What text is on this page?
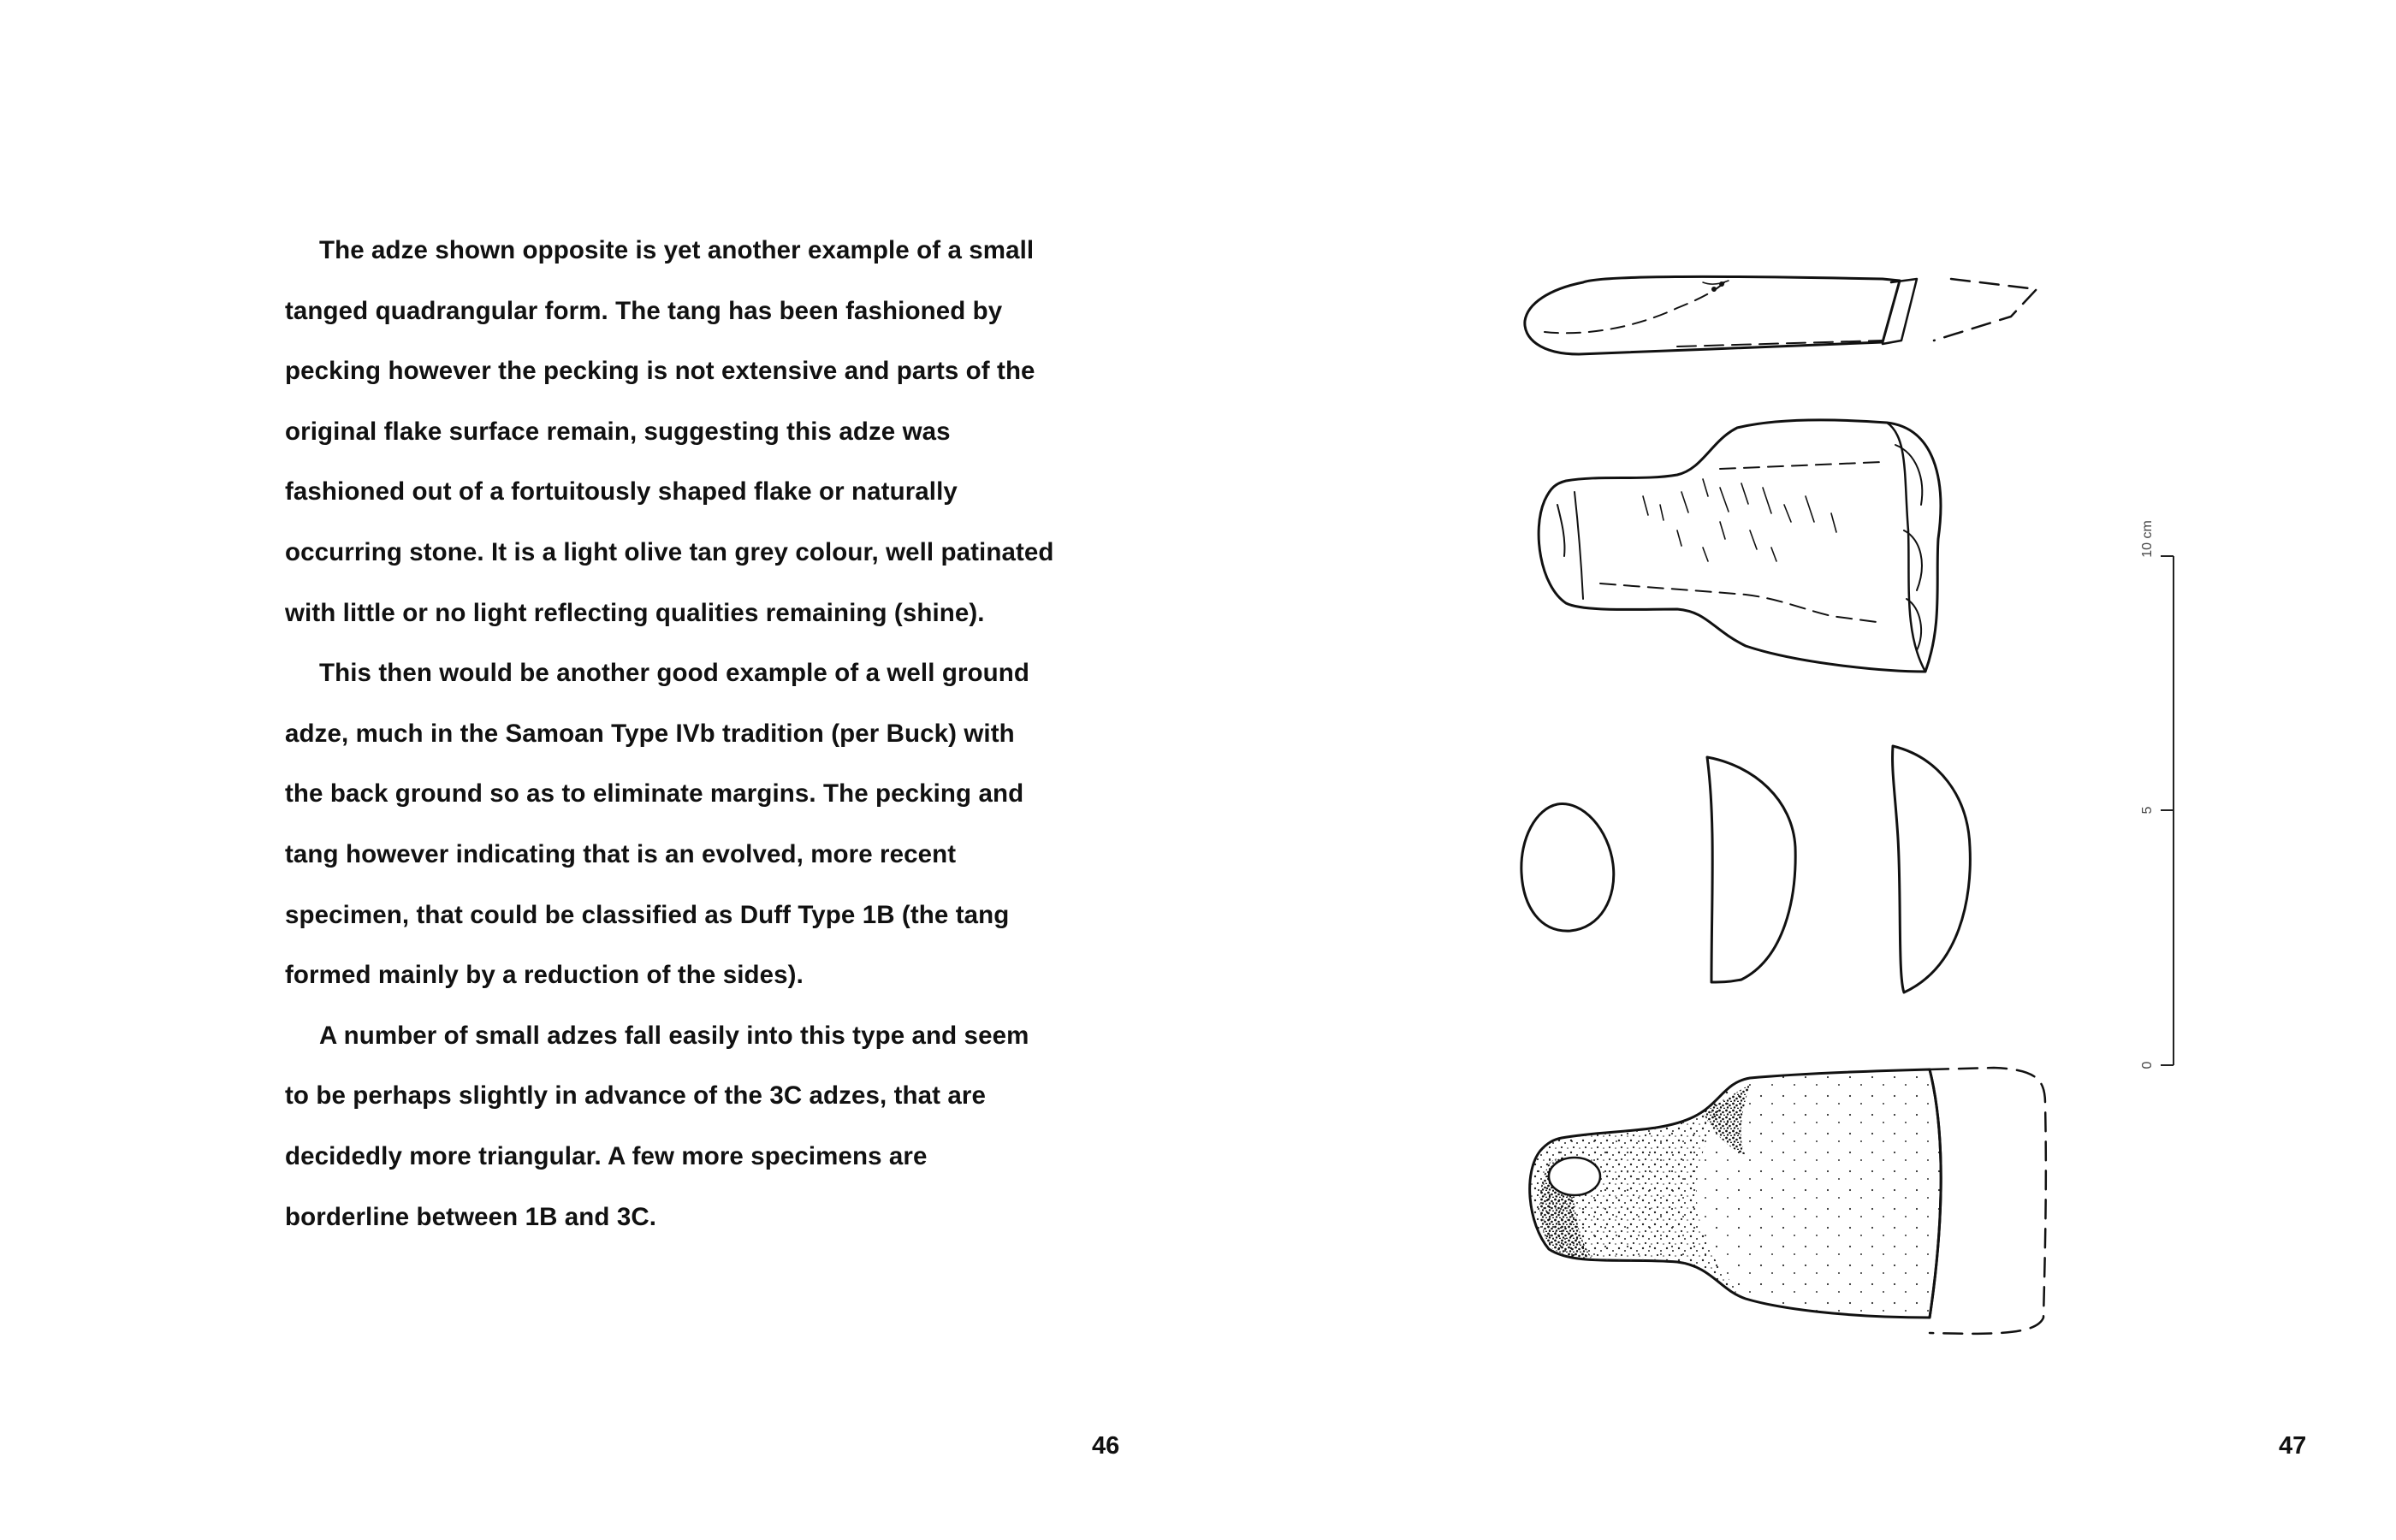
The adze shown opposite is yet another example of a small
tanged quadrangular form. The tang has been fashioned by
pecking however the pecking is not extensive and parts of the
original flake surface remain, suggesting this adze was
fashioned out of a fortuitously shaped flake or naturally
occurring stone. It is a light olive tan grey colour, well patinated
with little or no light reflecting qualities remaining (shine).
This then would be another good example of a well ground
adze, much in the Samoan Type IVb tradition (per Buck) with
the back ground so as to eliminate margins. The pecking and
tang however indicating that is an evolved, more recent
specimen, that could be classified as Duff Type 1B (the tang
formed mainly by a reduction of the sides).
A number of small adzes fall easily into this type and seem
to be perhaps slightly in advance of the 3C adzes, that are
decidedly more triangular. A few more specimens are
borderline between 1B and 3C.
46	47
10 cm
5
0
